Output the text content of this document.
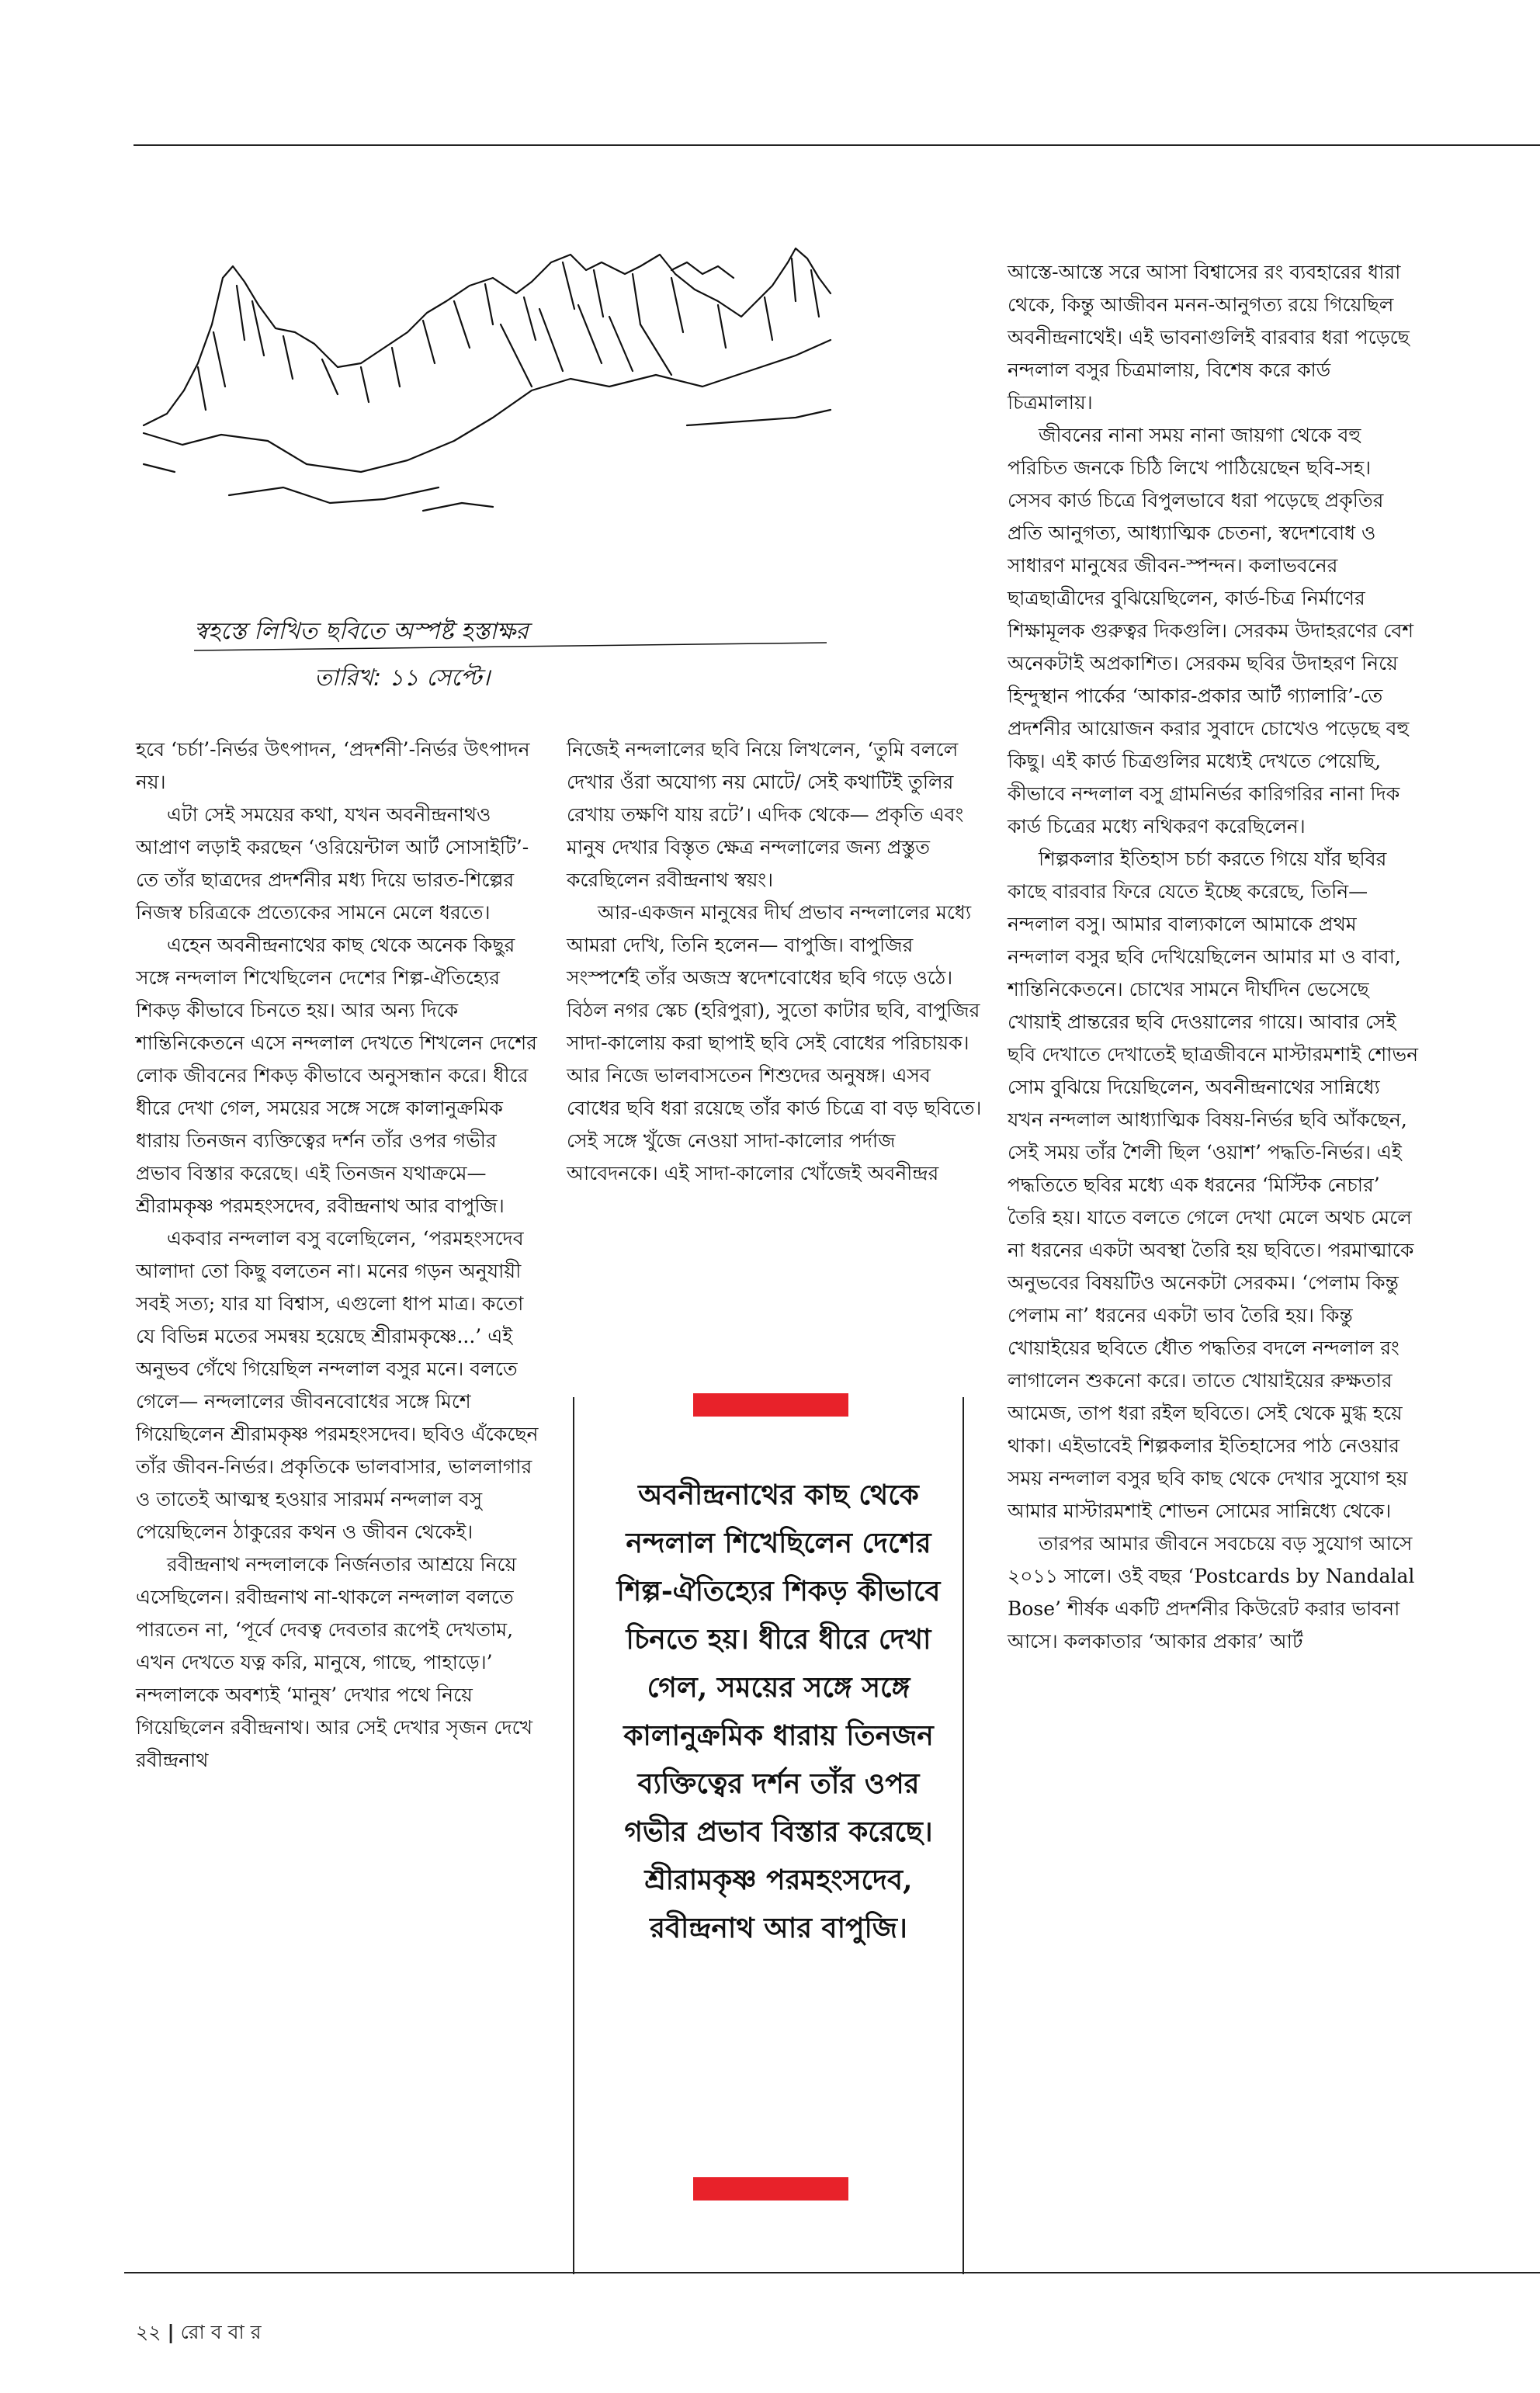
স্বহস্তে লিখিত ছবিতে অস্পষ্ট হস্তাক্ষর
তারিখ: ১১ সেপ্টে।

হবে ‘চর্চা’-নির্ভর উৎপাদন, ‘প্রদর্শনী’-নির্ভর উৎপাদন নয়।

এটা সেই সময়ের কথা, যখন অবনীন্দ্রনাথও আপ্রাণ লড়াই করছেন ‘ওরিয়েন্টাল আর্ট সোসাইটি’-তে তাঁর ছাত্রদের প্রদর্শনীর মধ্য দিয়ে ভারত-শিল্পের নিজস্ব চরিত্রকে প্রত্যেকের সামনে মেলে ধরতে।

এহেন অবনীন্দ্রনাথের কাছ থেকে অনেক কিছুর সঙ্গে নন্দলাল শিখেছিলেন দেশের শিল্প-ঐতিহ্যের শিকড় কীভাবে চিনতে হয়। আর অন্য দিকে শান্তিনিকেতনে এসে নন্দলাল দেখতে শিখলেন দেশের লোক জীবনের শিকড় কীভাবে অনুসন্ধান করে। ধীরে ধীরে দেখা গেল, সময়ের সঙ্গে সঙ্গে কালানুক্রমিক ধারায় তিনজন ব্যক্তিত্বের দর্শন তাঁর ওপর গভীর প্রভাব বিস্তার করেছে। এই তিনজন যথাক্রমে— শ্রীরামকৃষ্ণ পরমহংসদেব, রবীন্দ্রনাথ আর বাপুজি।

একবার নন্দলাল বসু বলেছিলেন, ‘পরমহংসদেব আলাদা তো কিছু বলতেন না। মনের গড়ন অনুযায়ী সবই সত্য; যার যা বিশ্বাস, এগুলো ধাপ মাত্র। কতো যে বিভিন্ন মতের সমন্বয় হয়েছে শ্রীরামকৃষ্ণে...’ এই অনুভব গেঁথে গিয়েছিল নন্দলাল বসুর মনে। বলতে গেলে— নন্দলালের জীবনবোধের সঙ্গে মিশে গিয়েছিলেন শ্রীরামকৃষ্ণ পরমহংসদেব। ছবিও এঁকেছেন তাঁর জীবন-নির্ভর। প্রকৃতিকে ভালবাসার, ভাললাগার ও তাতেই আত্মস্থ হওয়ার সারমর্ম নন্দলাল বসু পেয়েছিলেন ঠাকুরের কথন ও জীবন থেকেই।

রবীন্দ্রনাথ নন্দলালকে নির্জনতার আশ্রয়ে নিয়ে এসেছিলেন। রবীন্দ্রনাথ না-থাকলে নন্দলাল বলতে পারতেন না, ‘পূর্বে দেবত্ব দেবতার রূপেই দেখতাম, এখন দেখতে যত্ন করি, মানুষে, গাছে, পাহাড়ে।’ নন্দলালকে অবশ্যই ‘মানুষ’ দেখার পথে নিয়ে গিয়েছিলেন রবীন্দ্রনাথ। আর সেই দেখার সৃজন দেখে রবীন্দ্রনাথ

নিজেই নন্দলালের ছবি নিয়ে লিখলেন, ‘তুমি বললে দেখার ওঁরা অযোগ্য নয় মোটে/ সেই কথাটিই তুলির রেখায় তক্ষণি যায় রটে’। এদিক থেকে— প্রকৃতি এবং মানুষ দেখার বিস্তৃত ক্ষেত্র নন্দলালের জন্য প্রস্তুত করেছিলেন রবীন্দ্রনাথ স্বয়ং।

আর-একজন মানুষের দীর্ঘ প্রভাব নন্দলালের মধ্যে আমরা দেখি, তিনি হলেন— বাপুজি। বাপুজির সংস্পর্শেই তাঁর অজস্র স্বদেশবোধের ছবি গড়ে ওঠে। বিঠল নগর স্কেচ (হরিপুরা), সুতো কাটার ছবি, বাপুজির সাদা-কালোয় করা ছাপাই ছবি সেই বোধের পরিচায়ক। আর নিজে ভালবাসতেন শিশুদের অনুষঙ্গ। এসব বোধের ছবি ধরা রয়েছে তাঁর কার্ড চিত্রে বা বড় ছবিতে। সেই সঙ্গে খুঁজে নেওয়া সাদা-কালোর পর্দাজ আবেদনকে। এই সাদা-কালোর খোঁজেই অবনীন্দ্রর

অবনীন্দ্রনাথের কাছ থেকে নন্দলাল শিখেছিলেন দেশের শিল্প-ঐতিহ্যের শিকড় কীভাবে চিনতে হয়। ধীরে ধীরে দেখা গেল, সময়ের সঙ্গে সঙ্গে কালানুক্রমিক ধারায় তিনজন ব্যক্তিত্বের দর্শন তাঁর ওপর গভীর প্রভাব বিস্তার করেছে। শ্রীরামকৃষ্ণ পরমহংসদেব, রবীন্দ্রনাথ আর বাপুজি।

আস্তে-আস্তে সরে আসা বিশ্বাসের রং ব্যবহারের ধারা থেকে, কিন্তু আজীবন মনন-আনুগত্য রয়ে গিয়েছিল অবনীন্দ্রনাথেই। এই ভাবনাগুলিই বারবার ধরা পড়েছে নন্দলাল বসুর চিত্রমালায়, বিশেষ করে কার্ড চিত্রমালায়।

জীবনের নানা সময় নানা জায়গা থেকে বহু পরিচিত জনকে চিঠি লিখে পাঠিয়েছেন ছবি-সহ। সেসব কার্ড চিত্রে বিপুলভাবে ধরা পড়েছে প্রকৃতির প্রতি আনুগত্য, আধ্যাত্মিক চেতনা, স্বদেশবোধ ও সাধারণ মানুষের জীবন-স্পন্দন। কলাভবনের ছাত্রছাত্রীদের বুঝিয়েছিলেন, কার্ড-চিত্র নির্মাণের শিক্ষামূলক গুরুত্বর দিকগুলি। সেরকম উদাহরণের বেশ অনেকটাই অপ্রকাশিত। সেরকম ছবির উদাহরণ নিয়ে হিন্দুস্থান পার্কের ‘আকার-প্রকার আর্ট গ্যালারি’-তে প্রদর্শনীর আয়োজন করার সুবাদে চোখেও পড়েছে বহু কিছু। এই কার্ড চিত্রগুলির মধ্যেই দেখতে পেয়েছি, কীভাবে নন্দলাল বসু গ্রামনির্ভর কারিগরির নানা দিক কার্ড চিত্রের মধ্যে নথিকরণ করেছিলেন।

শিল্পকলার ইতিহাস চর্চা করতে গিয়ে যাঁর ছবির কাছে বারবার ফিরে যেতে ইচ্ছে করেছে, তিনি— নন্দলাল বসু। আমার বাল্যকালে আমাকে প্রথম নন্দলাল বসুর ছবি দেখিয়েছিলেন আমার মা ও বাবা, শান্তিনিকেতনে। চোখের সামনে দীর্ঘদিন ভেসেছে খোয়াই প্রান্তরের ছবি দেওয়ালের গায়ে। আবার সেই ছবি দেখাতে দেখাতেই ছাত্রজীবনে মাস্টারমশাই শোভন সোম বুঝিয়ে দিয়েছিলেন, অবনীন্দ্রনাথের সান্নিধ্যে যখন নন্দলাল আধ্যাত্মিক বিষয়-নির্ভর ছবি আঁকছেন, সেই সময় তাঁর শৈলী ছিল ‘ওয়াশ’ পদ্ধতি-নির্ভর। এই পদ্ধতিতে ছবির মধ্যে এক ধরনের ‘মিস্টিক নেচার’ তৈরি হয়। যাতে বলতে গেলে দেখা মেলে অথচ মেলে না ধরনের একটা অবস্থা তৈরি হয় ছবিতে। পরমাত্মাকে অনুভবের বিষয়টিও অনেকটা সেরকম। ‘পেলাম কিন্তু পেলাম না’ ধরনের একটা ভাব তৈরি হয়। কিন্তু খোয়াইয়ের ছবিতে ধৌত পদ্ধতির বদলে নন্দলাল রং লাগালেন শুকনো করে। তাতে খোয়াইয়ের রুক্ষতার আমেজ, তাপ ধরা রইল ছবিতে। সেই থেকে মুগ্ধ হয়ে থাকা। এইভাবেই শিল্পকলার ইতিহাসের পাঠ নেওয়ার সময় নন্দলাল বসুর ছবি কাছ থেকে দেখার সুযোগ হয় আমার মাস্টারমশাই শোভন সোমের সান্নিধ্যে থেকে।

তারপর আমার জীবনে সবচেয়ে বড় সুযোগ আসে ২০১১ সালে। ওই বছর ‘Postcards by Nandalal Bose’ শীর্ষক একটি প্রদর্শনীর কিউরেট করার ভাবনা আসে। কলকাতার ‘আকার প্রকার’ আর্ট

২২ | রো ব বা র
